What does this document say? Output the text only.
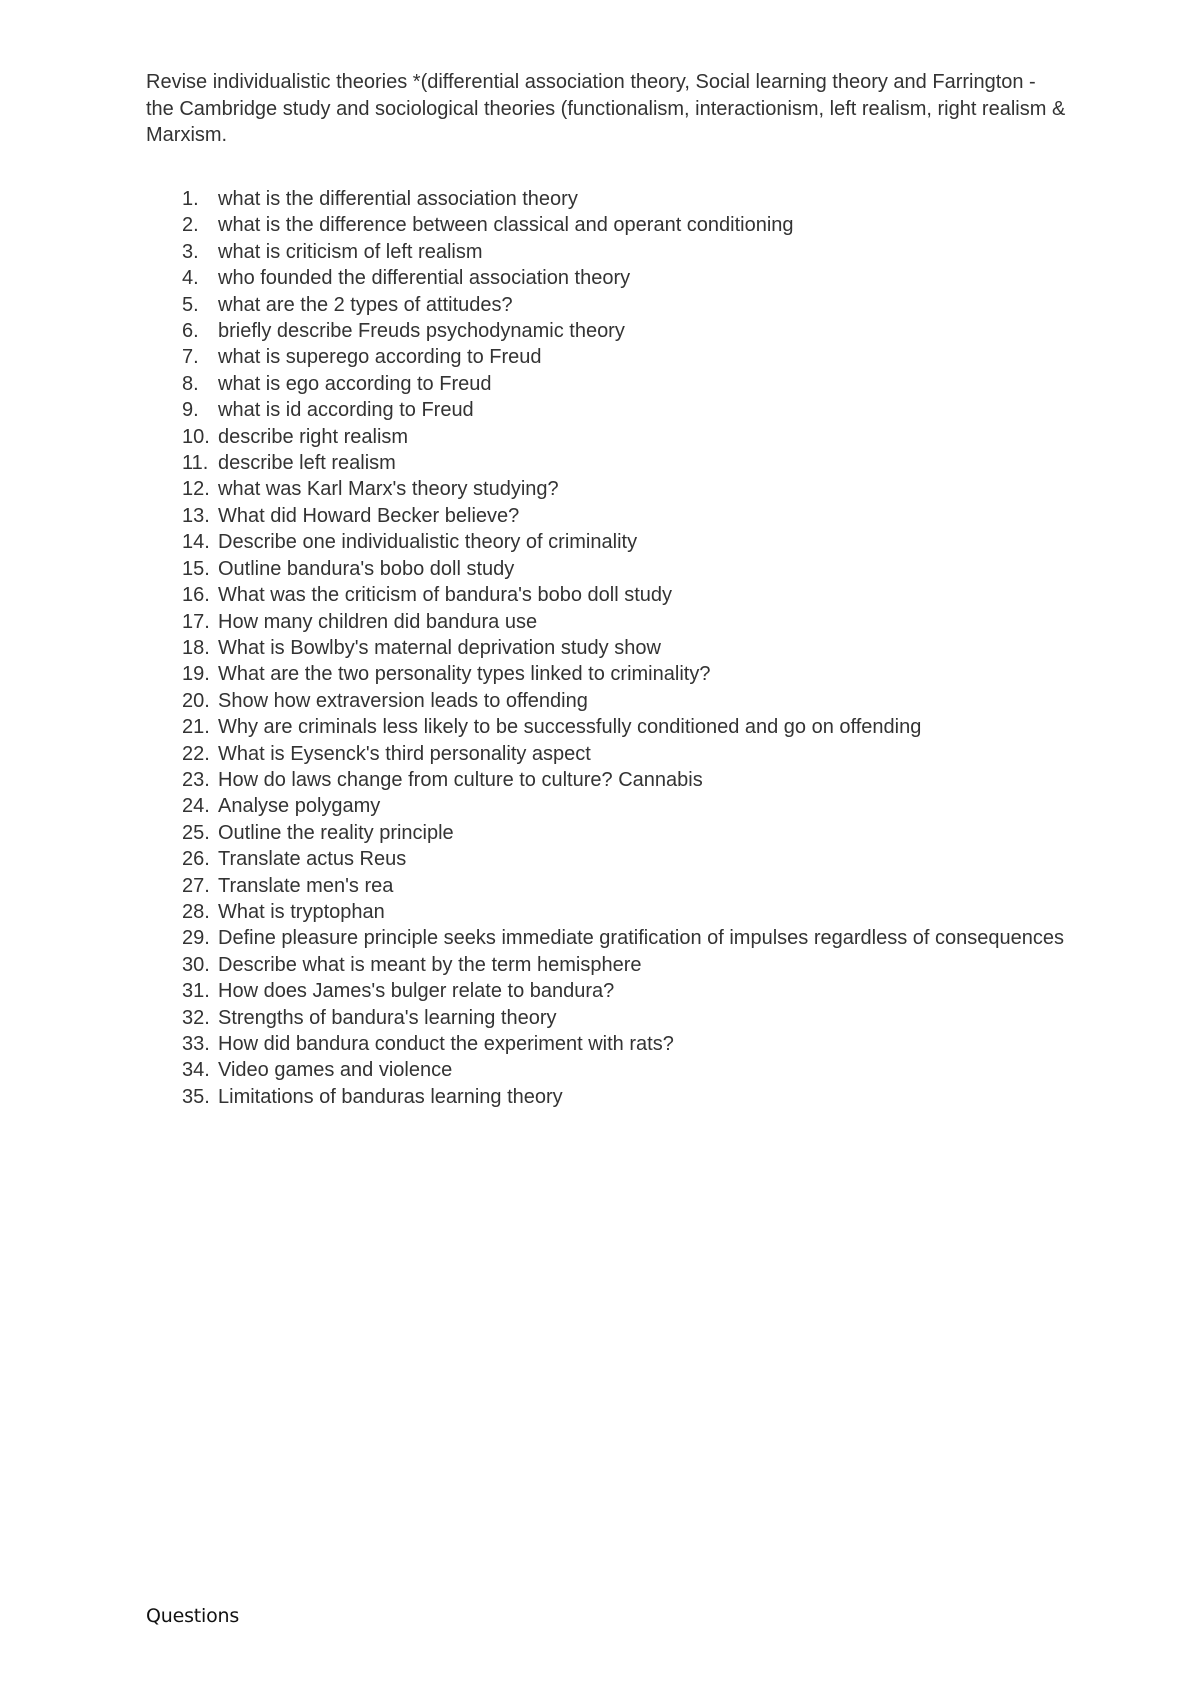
Revise individualistic theories *(differential association theory, Social learning theory and Farrington - the Cambridge study and sociological theories (functionalism, interactionism, left realism, right realism & Marxism.

1. what is the differential association theory
2. what is the difference between classical and operant conditioning
3. what is criticism of left realism
4. who founded the differential association theory
5. what are the 2 types of attitudes?
6. briefly describe Freuds psychodynamic theory
7. what is superego according to Freud
8. what is ego according to Freud
9. what is id according to Freud
10. describe right realism
11. describe left realism
12. what was Karl Marx's theory studying?
13. What did Howard Becker believe?
14. Describe one individualistic theory of criminality
15. Outline bandura's bobo doll study
16. What was the criticism of bandura's bobo doll study
17. How many children did bandura use
18. What is Bowlby's maternal deprivation study show
19. What are the two personality types linked to criminality?
20. Show how extraversion leads to offending
21. Why are criminals less likely to be successfully conditioned and go on offending
22. What is Eysenck's third personality aspect
23. How do laws change from culture to culture? Cannabis
24. Analyse polygamy
25. Outline the reality principle
26. Translate actus Reus
27. Translate men's rea
28. What is tryptophan
29. Define pleasure principle seeks immediate gratification of impulses regardless of consequences
30. Describe what is meant by the term hemisphere
31. How does James's bulger relate to bandura?
32. Strengths of bandura's learning theory
33. How did bandura conduct the experiment with rats?
34. Video games and violence
35. Limitations of banduras learning theory
Questions
